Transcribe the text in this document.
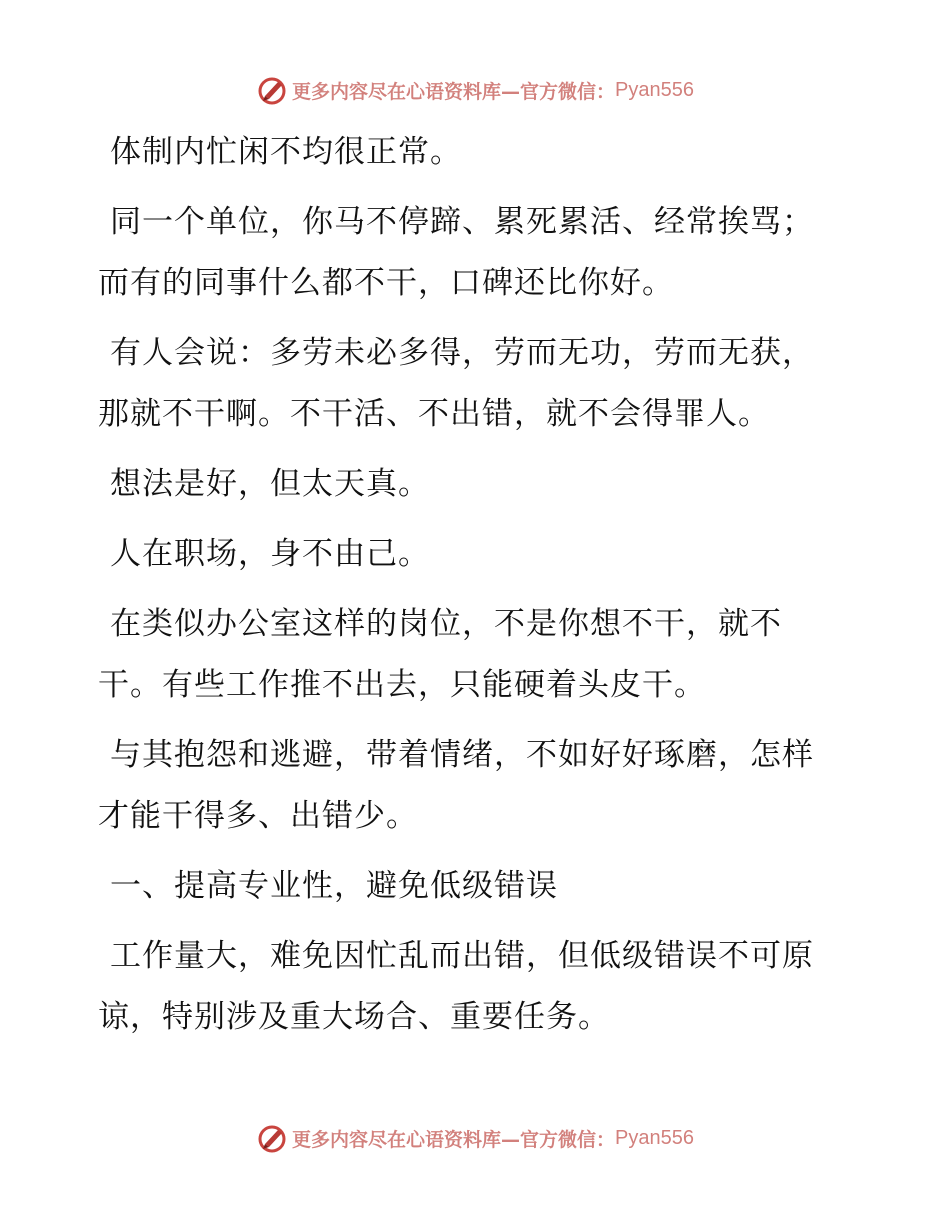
更多内容尽在心语资料库—官方微信： Pyan556

体制内忙闲不均很正常。

同一个单位，你马不停蹄、累死累活、经常挨骂；而有的同事什么都不干，口碑还比你好。

有人会说：多劳未必多得，劳而无功，劳而无获，那就不干啊。不干活、不出错，就不会得罪人。

想法是好，但太天真。

人在职场，身不由己。

在类似办公室这样的岗位，不是你想不干，就不干。有些工作推不出去，只能硬着头皮干。

与其抱怨和逃避，带着情绪，不如好好琢磨，怎样才能干得多、出错少。

一、提高专业性，避免低级错误

工作量大，难免因忙乱而出错，但低级错误不可原谅，特别涉及重大场合、重要任务。

更多内容尽在心语资料库—官方微信： Pyan556
